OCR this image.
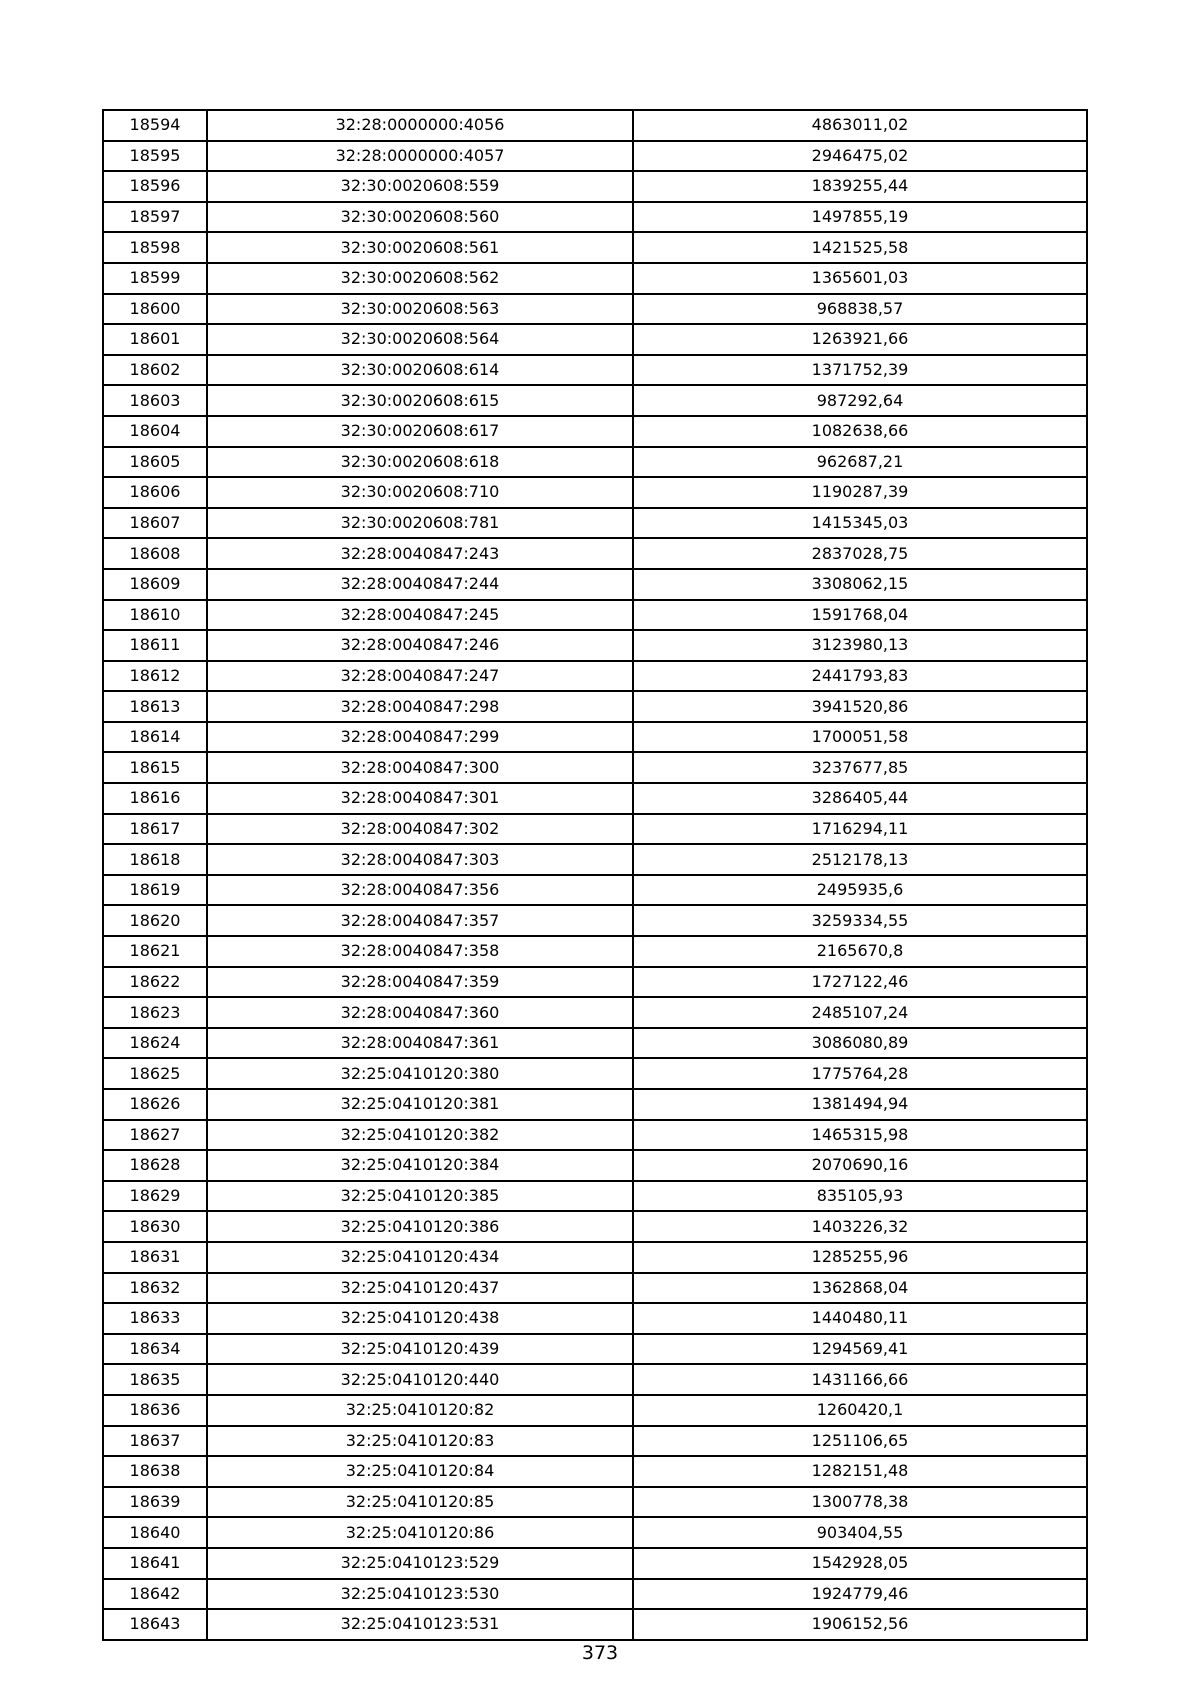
18594	32:28:0000000:4056	4863011,02
18595	32:28:0000000:4057	2946475,02
18596	32:30:0020608:559	1839255,44
18597	32:30:0020608:560	1497855,19
18598	32:30:0020608:561	1421525,58
18599	32:30:0020608:562	1365601,03
18600	32:30:0020608:563	968838,57
18601	32:30:0020608:564	1263921,66
18602	32:30:0020608:614	1371752,39
18603	32:30:0020608:615	987292,64
18604	32:30:0020608:617	1082638,66
18605	32:30:0020608:618	962687,21
18606	32:30:0020608:710	1190287,39
18607	32:30:0020608:781	1415345,03
18608	32:28:0040847:243	2837028,75
18609	32:28:0040847:244	3308062,15
18610	32:28:0040847:245	1591768,04
18611	32:28:0040847:246	3123980,13
18612	32:28:0040847:247	2441793,83
18613	32:28:0040847:298	3941520,86
18614	32:28:0040847:299	1700051,58
18615	32:28:0040847:300	3237677,85
18616	32:28:0040847:301	3286405,44
18617	32:28:0040847:302	1716294,11
18618	32:28:0040847:303	2512178,13
18619	32:28:0040847:356	2495935,6
18620	32:28:0040847:357	3259334,55
18621	32:28:0040847:358	2165670,8
18622	32:28:0040847:359	1727122,46
18623	32:28:0040847:360	2485107,24
18624	32:28:0040847:361	3086080,89
18625	32:25:0410120:380	1775764,28
18626	32:25:0410120:381	1381494,94
18627	32:25:0410120:382	1465315,98
18628	32:25:0410120:384	2070690,16
18629	32:25:0410120:385	835105,93
18630	32:25:0410120:386	1403226,32
18631	32:25:0410120:434	1285255,96
18632	32:25:0410120:437	1362868,04
18633	32:25:0410120:438	1440480,11
18634	32:25:0410120:439	1294569,41
18635	32:25:0410120:440	1431166,66
18636	32:25:0410120:82	1260420,1
18637	32:25:0410120:83	1251106,65
18638	32:25:0410120:84	1282151,48
18639	32:25:0410120:85	1300778,38
18640	32:25:0410120:86	903404,55
18641	32:25:0410123:529	1542928,05
18642	32:25:0410123:530	1924779,46
18643	32:25:0410123:531	1906152,56
373
